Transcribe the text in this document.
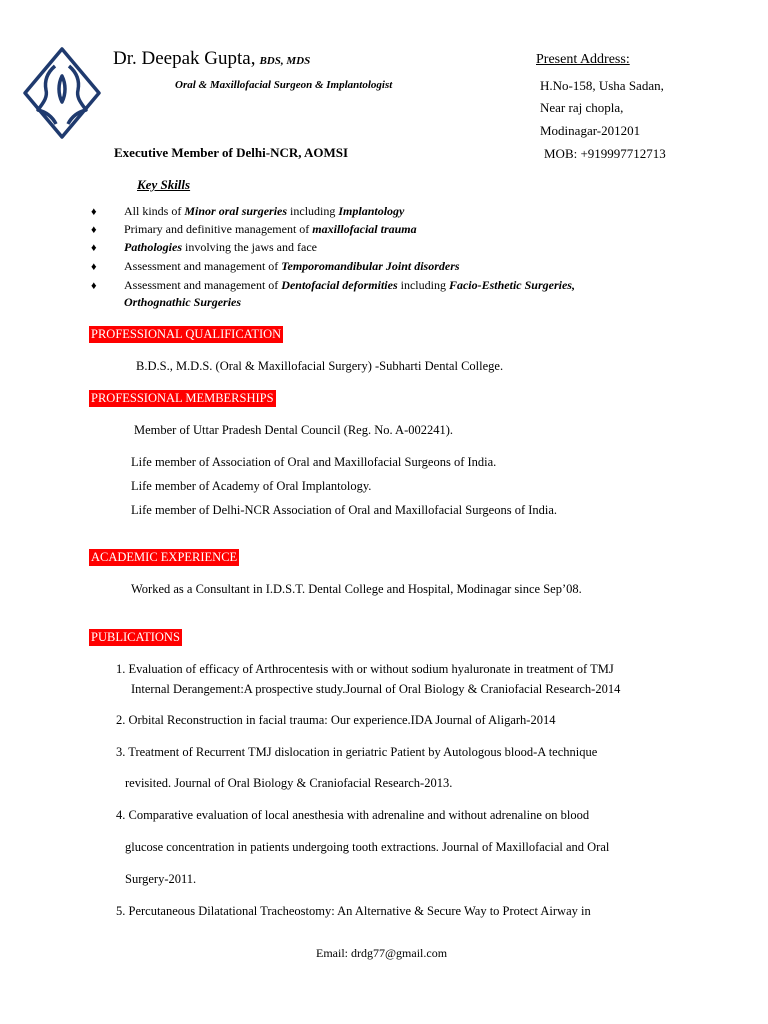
Dr. Deepak Gupta, BDS, MDS
Oral & Maxillofacial Surgeon & Implantologist
Executive Member of Delhi-NCR, AOMSI
Present Address:
H.No-158, Usha Sadan,
Near raj chopla,
Modinagar-201201
MOB: +919997712713
Key Skills
♦ All kinds of Minor oral surgeries including Implantology
♦ Primary and definitive management of maxillofacial trauma
♦ Pathologies involving the jaws and face
♦ Assessment and management of Temporomandibular Joint disorders
♦ Assessment and management of Dentofacial deformities including Facio-Esthetic Surgeries,
Orthognathic Surgeries
PROFESSIONAL QUALIFICATION
B.D.S., M.D.S. (Oral & Maxillofacial Surgery) -Subharti Dental College.
PROFESSIONAL MEMBERSHIPS
Member of Uttar Pradesh Dental Council (Reg. No. A-002241).
Life member of Association of Oral and Maxillofacial Surgeons of India.
Life member of Academy of Oral Implantology.
Life member of Delhi-NCR Association of Oral and Maxillofacial Surgeons of India.
ACADEMIC EXPERIENCE
Worked as a Consultant in I.D.S.T. Dental College and Hospital, Modinagar since Sep’08.
PUBLICATIONS
1. Evaluation of efficacy of Arthrocentesis with or without sodium hyaluronate in treatment of TMJ
Internal Derangement:A prospective study.Journal of Oral Biology & Craniofacial Research-2014
2. Orbital Reconstruction in facial trauma: Our experience.IDA Journal of Aligarh-2014
3. Treatment of Recurrent TMJ dislocation in geriatric Patient by Autologous blood-A technique
revisited. Journal of Oral Biology & Craniofacial Research-2013.
4. Comparative evaluation of local anesthesia with adrenaline and without adrenaline on blood
glucose concentration in patients undergoing tooth extractions. Journal of Maxillofacial and Oral
Surgery-2011.
5. Percutaneous Dilatational Tracheostomy: An Alternative & Secure Way to Protect Airway in
Email: drdg77@gmail.com
